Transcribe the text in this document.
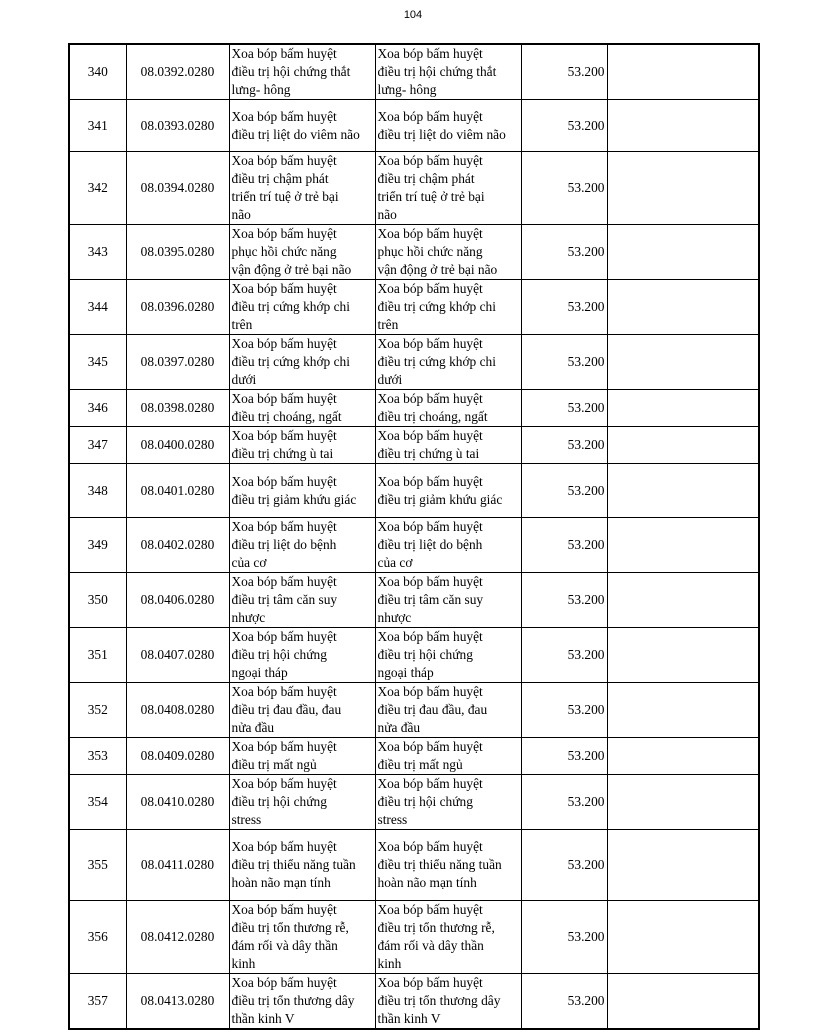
104
340	08.0392.0280	Xoa bóp bấm huyệt
điều trị hội chứng thắt
lưng- hông	Xoa bóp bấm huyệt
điều trị hội chứng thắt
lưng- hông	53.200	
341	08.0393.0280	Xoa bóp bấm huyệt
điều trị liệt do viêm não	Xoa bóp bấm huyệt
điều trị liệt do viêm não	53.200	
342	08.0394.0280	Xoa bóp bấm huyệt
điều trị chậm phát
triển trí tuệ ở trẻ bại
não	Xoa bóp bấm huyệt
điều trị chậm phát
triển trí tuệ ở trẻ bại
não	53.200	
343	08.0395.0280	Xoa bóp bấm huyệt
phục hồi chức năng
vận động ở trẻ bại não	Xoa bóp bấm huyệt
phục hồi chức năng
vận động ở trẻ bại não	53.200	
344	08.0396.0280	Xoa bóp bấm huyệt
điều trị cứng khớp chi
trên	Xoa bóp bấm huyệt
điều trị cứng khớp chi
trên	53.200	
345	08.0397.0280	Xoa bóp bấm huyệt
điều trị cứng khớp chi
dưới	Xoa bóp bấm huyệt
điều trị cứng khớp chi
dưới	53.200	
346	08.0398.0280	Xoa bóp bấm huyệt
điều trị choáng, ngất	Xoa bóp bấm huyệt
điều trị choáng, ngất	53.200	
347	08.0400.0280	Xoa bóp bấm huyệt
điều trị chứng ù tai	Xoa bóp bấm huyệt
điều trị chứng ù tai	53.200	
348	08.0401.0280	Xoa bóp bấm huyệt
điều trị giảm khứu giác	Xoa bóp bấm huyệt
điều trị giảm khứu giác	53.200	
349	08.0402.0280	Xoa bóp bấm huyệt
điều trị liệt do bệnh
của cơ	Xoa bóp bấm huyệt
điều trị liệt do bệnh
của cơ	53.200	
350	08.0406.0280	Xoa bóp bấm huyệt
điều trị tâm căn suy
nhược	Xoa bóp bấm huyệt
điều trị tâm căn suy
nhược	53.200	
351	08.0407.0280	Xoa bóp bấm huyệt
điều trị hội chứng
ngoại tháp	Xoa bóp bấm huyệt
điều trị hội chứng
ngoại tháp	53.200	
352	08.0408.0280	Xoa bóp bấm huyệt
điều trị đau đầu, đau
nửa đầu	Xoa bóp bấm huyệt
điều trị đau đầu, đau
nửa đầu	53.200	
353	08.0409.0280	Xoa bóp bấm huyệt
điều trị mất ngủ	Xoa bóp bấm huyệt
điều trị mất ngủ	53.200	
354	08.0410.0280	Xoa bóp bấm huyệt
điều trị hội chứng
stress	Xoa bóp bấm huyệt
điều trị hội chứng
stress	53.200	
355	08.0411.0280	Xoa bóp bấm huyệt
điều trị thiểu năng tuần
hoàn não mạn tính	Xoa bóp bấm huyệt
điều trị thiểu năng tuần
hoàn não mạn tính	53.200	
356	08.0412.0280	Xoa bóp bấm huyệt
điều trị tổn thương rễ,
đám rối và dây thần
kinh	Xoa bóp bấm huyệt
điều trị tổn thương rễ,
đám rối và dây thần
kinh	53.200	
357	08.0413.0280	Xoa bóp bấm huyệt
điều trị tổn thương dây
thần kinh V	Xoa bóp bấm huyệt
điều trị tổn thương dây
thần kinh V	53.200	
